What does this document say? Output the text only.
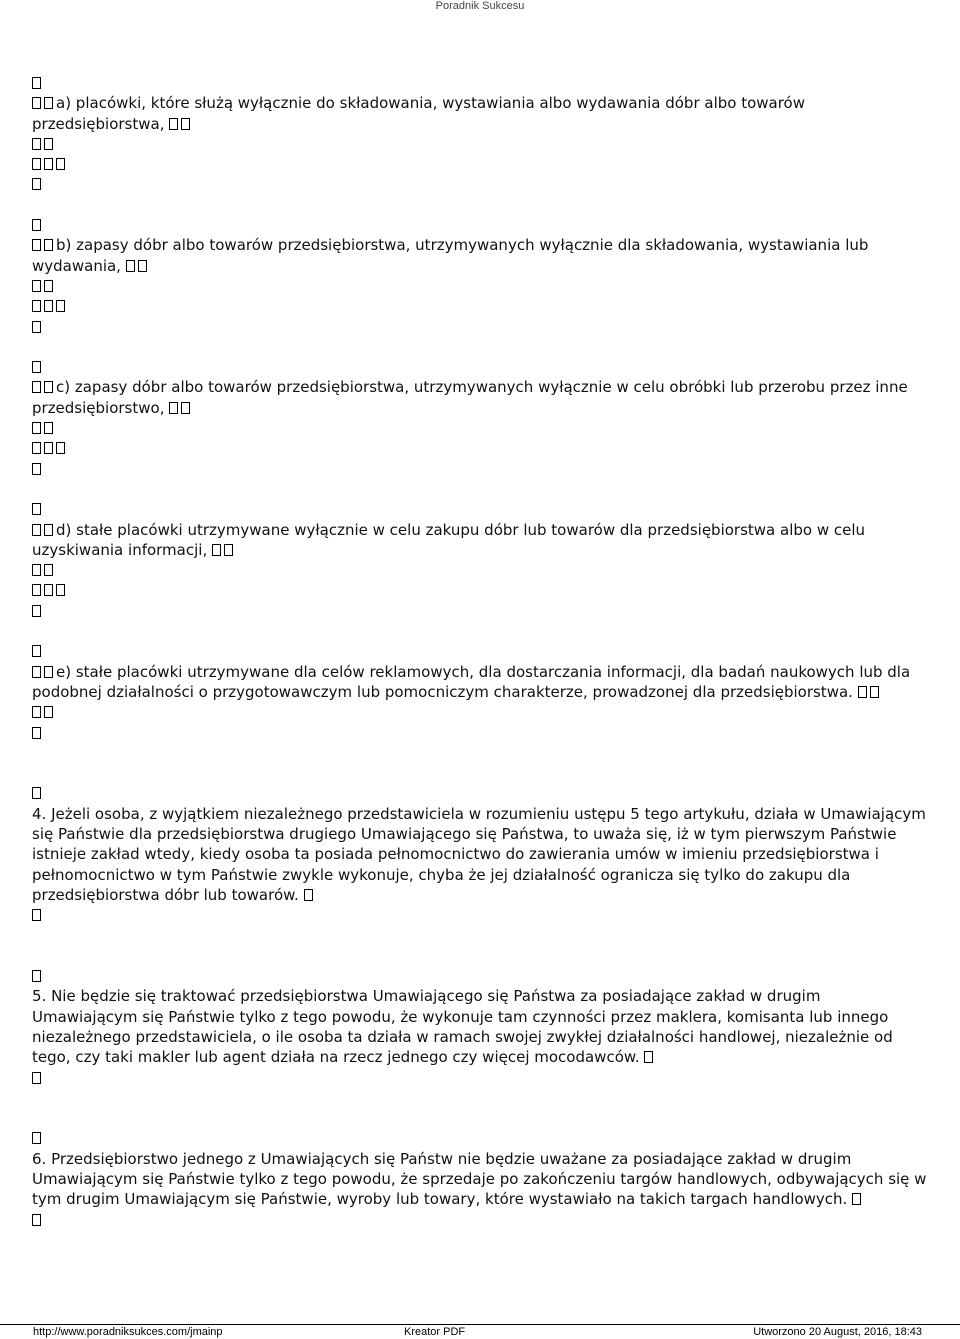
Poradnik Sukcesu
a) placówki, które służą wyłącznie do składowania, wystawiania albo wydawania dóbr albo towarów przedsiębiorstwa,
b) zapasy dóbr albo towarów przedsiębiorstwa, utrzymywanych wyłącznie dla składowania, wystawiania lub wydawania,
c) zapasy dóbr albo towarów przedsiębiorstwa, utrzymywanych wyłącznie w celu obróbki lub przerobu przez inne przedsiębiorstwo,
d) stałe placówki utrzymywane wyłącznie w celu zakupu dóbr lub towarów dla przedsiębiorstwa albo w celu uzyskiwania informacji,
e) stałe placówki utrzymywane dla celów reklamowych, dla dostarczania informacji, dla badań naukowych lub dla podobnej działalności o przygotowawczym lub pomocniczym charakterze, prowadzonej dla przedsiębiorstwa.
4. Jeżeli osoba, z wyjątkiem niezależnego przedstawiciela w rozumieniu ustępu 5 tego artykułu, działa w Umawiającym się Państwie dla przedsiębiorstwa drugiego Umawiającego się Państwa, to uważa się, iż w tym pierwszym Państwie istnieje zakład wtedy, kiedy osoba ta posiada pełnomocnictwo do zawierania umów w imieniu przedsiębiorstwa i pełnomocnictwo w tym Państwie zwykle wykonuje, chyba że jej działalność ogranicza się tylko do zakupu dla przedsiębiorstwa dóbr lub towarów.
5. Nie będzie się traktować przedsiębiorstwa Umawiającego się Państwa za posiadające zakład w drugim Umawiającym się Państwie tylko z tego powodu, że wykonuje tam czynności przez maklera, komisanta lub innego niezależnego przedstawiciela, o ile osoba ta działa w ramach swojej zwykłej działalności handlowej, niezależnie od tego, czy taki makler lub agent działa na rzecz jednego czy więcej mocodawców.
6. Przedsiębiorstwo jednego z Umawiających się Państw nie będzie uważane za posiadające zakład w drugim Umawiającym się Państwie tylko z tego powodu, że sprzedaje po zakończeniu targów handlowych, odbywających się w tym drugim Umawiającym się Państwie, wyroby lub towary, które wystawiało na takich targach handlowych.
http://www.poradniksukces.com/jmainp	Kreator PDF	Utworzono 20 August, 2016, 18:43
